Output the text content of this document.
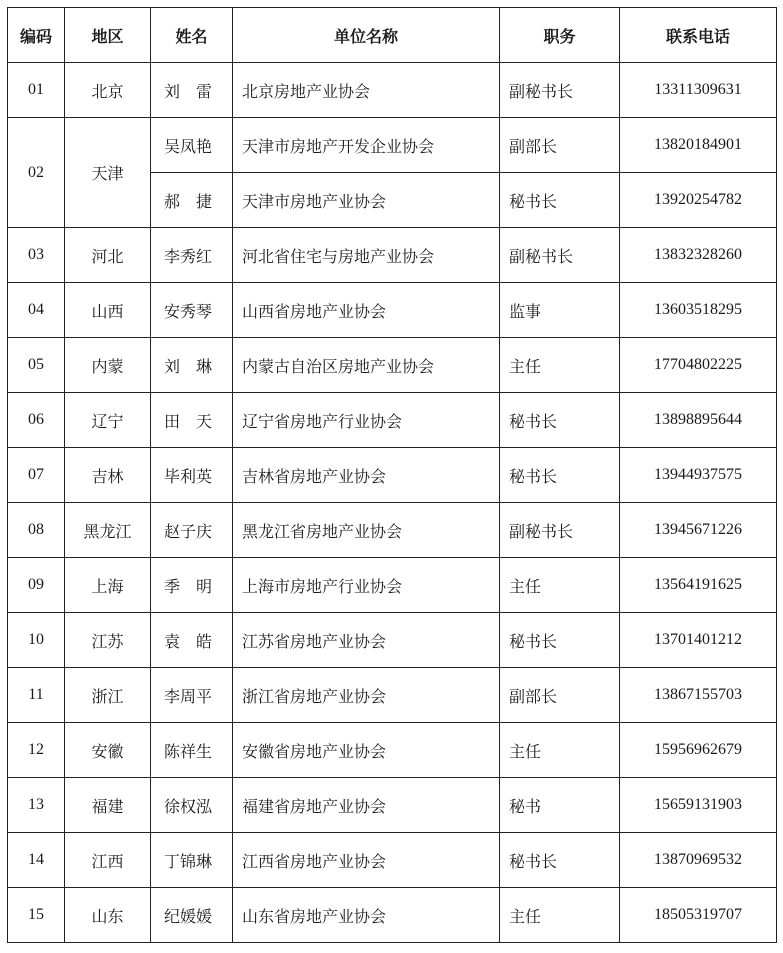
编码	地区	姓名	单位名称	职务	联系电话
01	北京	刘　雷	北京房地产业协会	副秘书长	13311309631
02	天津	吴凤艳	天津市房地产开发企业协会	副部长	13820184901
		郝　捷	天津市房地产业协会	秘书长	13920254782
03	河北	李秀红	河北省住宅与房地产业协会	副秘书长	13832328260
04	山西	安秀琴	山西省房地产业协会	监事	13603518295
05	内蒙	刘　琳	内蒙古自治区房地产业协会	主任	17704802225
06	辽宁	田　天	辽宁省房地产行业协会	秘书长	13898895644
07	吉林	毕利英	吉林省房地产业协会	秘书长	13944937575
08	黑龙江	赵子庆	黑龙江省房地产业协会	副秘书长	13945671226
09	上海	季　明	上海市房地产行业协会	主任	13564191625
10	江苏	袁　皓	江苏省房地产业协会	秘书长	13701401212
11	浙江	李周平	浙江省房地产业协会	副部长	13867155703
12	安徽	陈祥生	安徽省房地产业协会	主任	15956962679
13	福建	徐权泓	福建省房地产业协会	秘书	15659131903
14	江西	丁锦琳	江西省房地产业协会	秘书长	13870969532
15	山东	纪媛媛	山东省房地产业协会	主任	18505319707
